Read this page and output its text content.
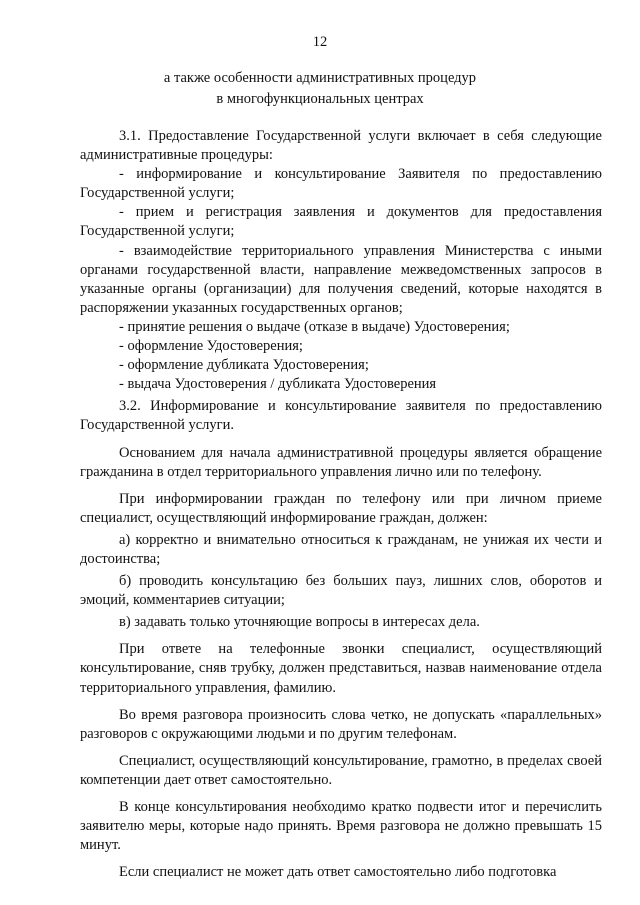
12
а также особенности административных процедур
в многофункциональных центрах

3.1. Предоставление Государственной услуги включает в себя следующие административные процедуры:

- информирование и консультирование Заявителя по предоставлению Государственной услуги;

- прием и регистрация заявления и документов для предоставления Государственной услуги;

- взаимодействие территориального управления Министерства с иными органами государственной власти, направление межведомственных запросов в указанные органы (организации) для получения сведений, которые находятся в распоряжении указанных государственных органов;

- принятие решения о выдаче (отказе в выдаче) Удостоверения;

- оформление Удостоверения;

- оформление дубликата Удостоверения;

- выдача Удостоверения / дубликата Удостоверения

3.2. Информирование и консультирование заявителя по предоставлению Государственной услуги.

Основанием для начала административной процедуры является обращение гражданина в отдел территориального управления лично или по телефону.

При информировании граждан по телефону или при личном приеме специалист, осуществляющий информирование граждан, должен:

а) корректно и внимательно относиться к гражданам, не унижая их чести и достоинства;

б) проводить консультацию без больших пауз, лишних слов, оборотов и эмоций, комментариев ситуации;

в) задавать только уточняющие вопросы в интересах дела.

При ответе на телефонные звонки специалист, осуществляющий консультирование, сняв трубку, должен представиться, назвав наименование отдела территориального управления, фамилию.

Во время разговора произносить слова четко, не допускать «параллельных» разговоров с окружающими людьми и по другим телефонам.

Специалист, осуществляющий консультирование, грамотно, в пределах своей компетенции дает ответ самостоятельно.

В конце консультирования необходимо кратко подвести итог и перечислить заявителю меры, которые надо принять. Время разговора не должно превышать 15 минут.

Если специалист не может дать ответ самостоятельно либо подготовка
